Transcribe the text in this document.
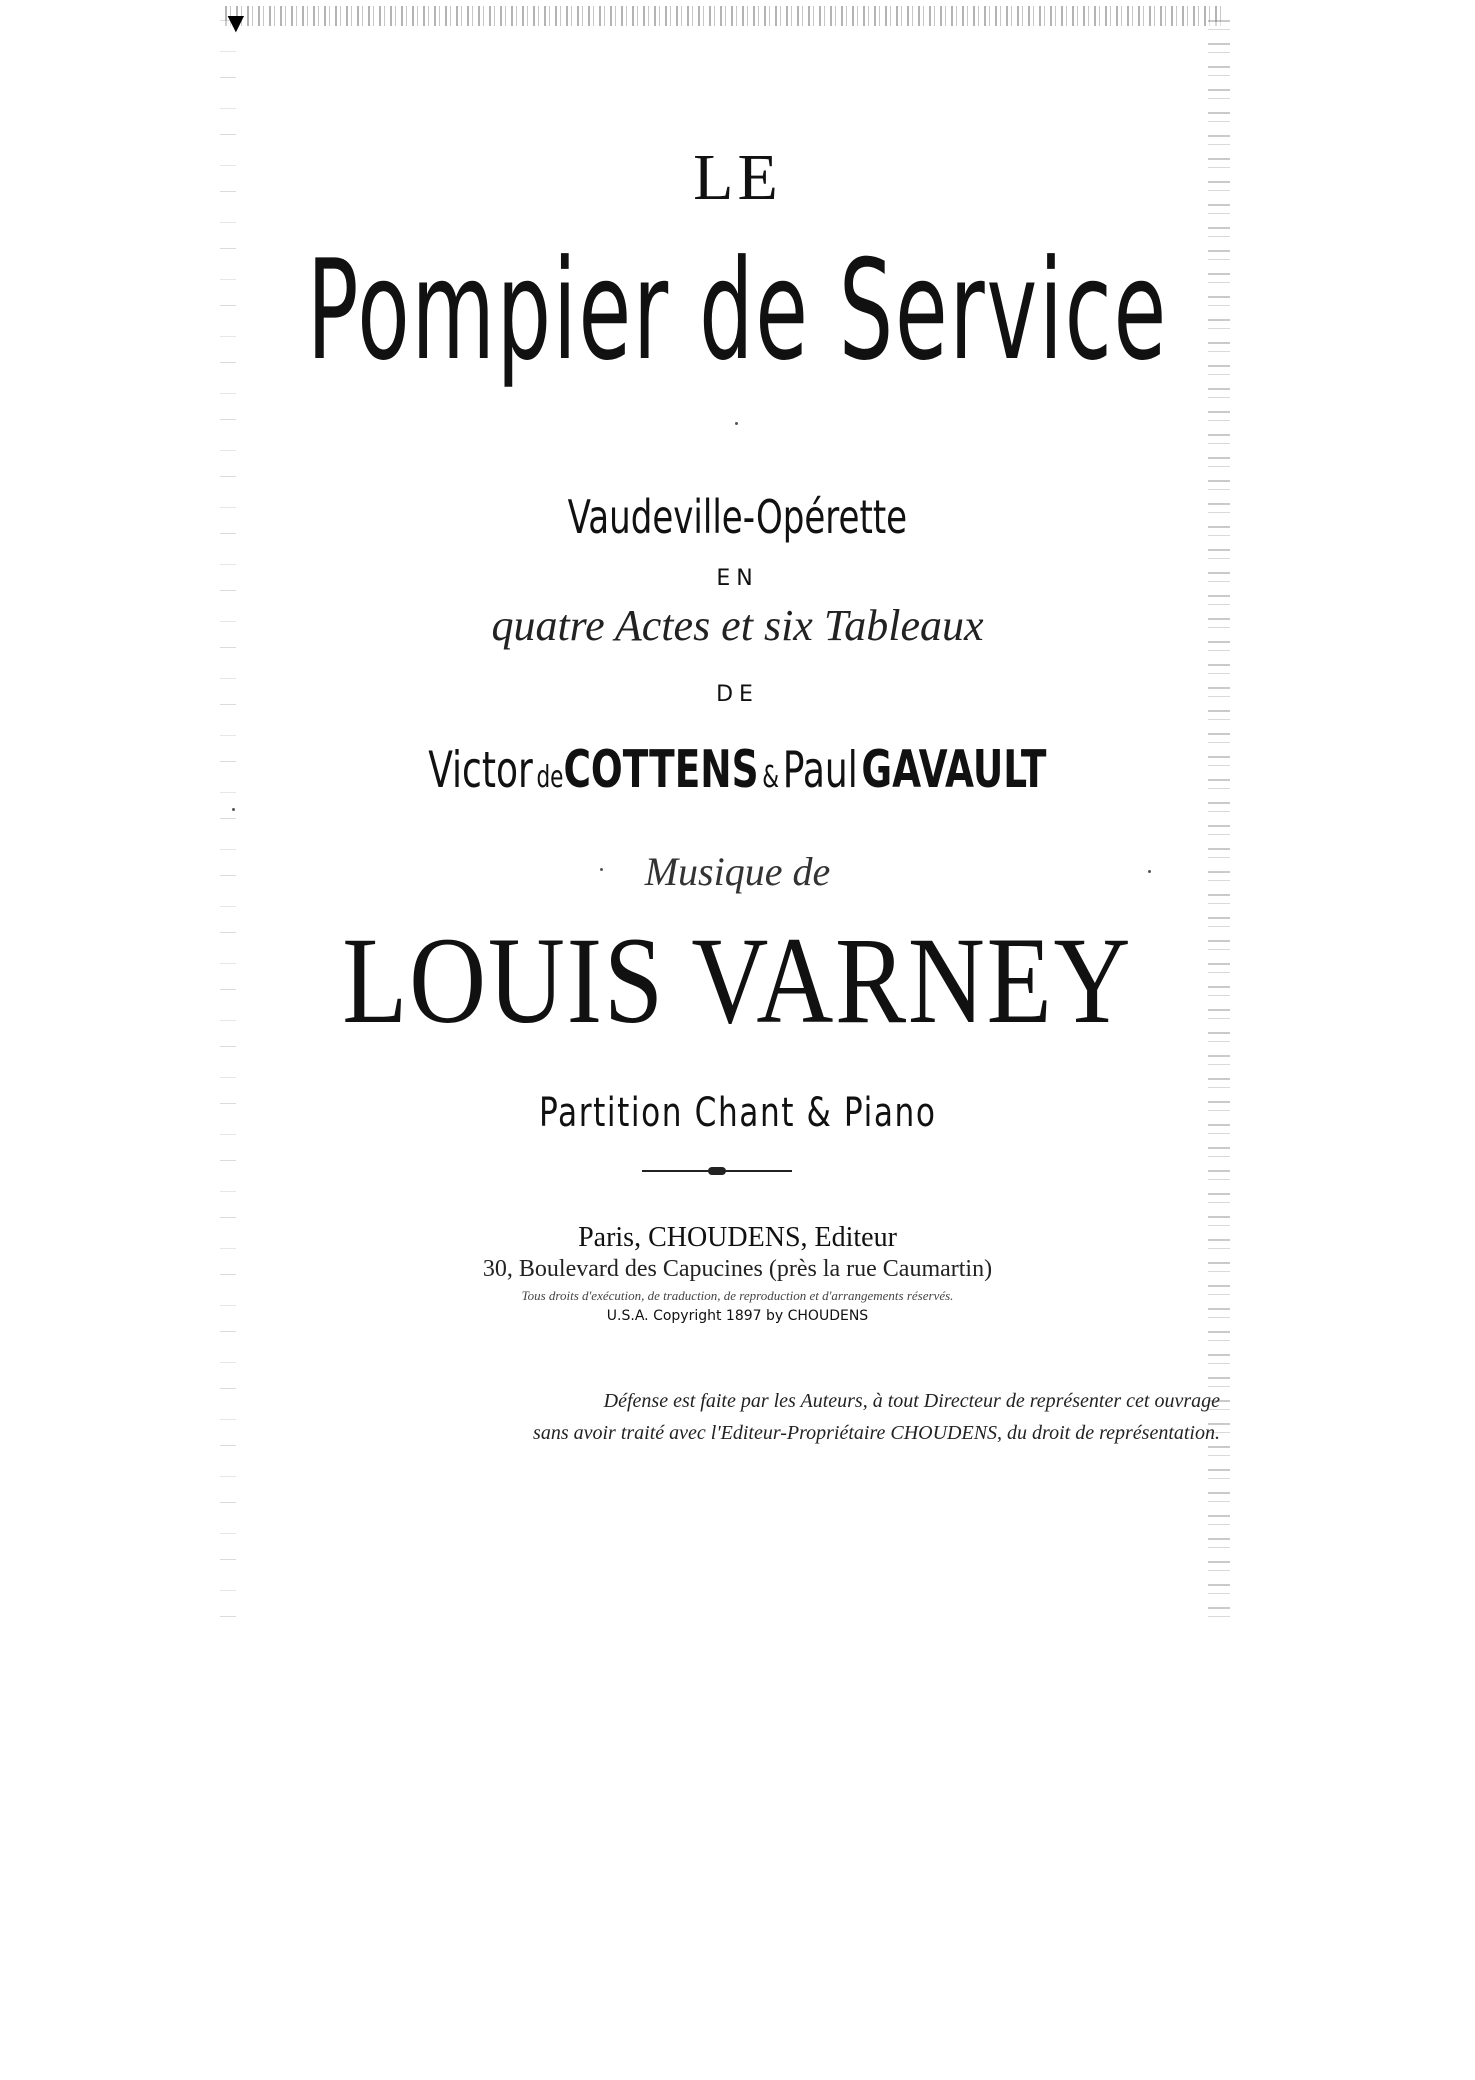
▼
LE
Pompier de Service
Vaudeville-Opérette
EN
quatre Actes et six Tableaux
DE
Victor deCOTTENS & Paul GAVAULT
Musique de
LOUIS VARNEY
Partition Chant & Piano
Paris, CHOUDENS, Editeur
30, Boulevard des Capucines (près la rue Caumartin)
Tous droits d'exécution, de traduction, de reproduction et d'arrangements réservés.
U.S.A. Copyright 1897 by CHOUDENS
Défense est faite par les Auteurs, à tout Directeur de représenter cet ouvrage
sans avoir traité avec l'Editeur-Propriétaire CHOUDENS, du droit de représentation.
